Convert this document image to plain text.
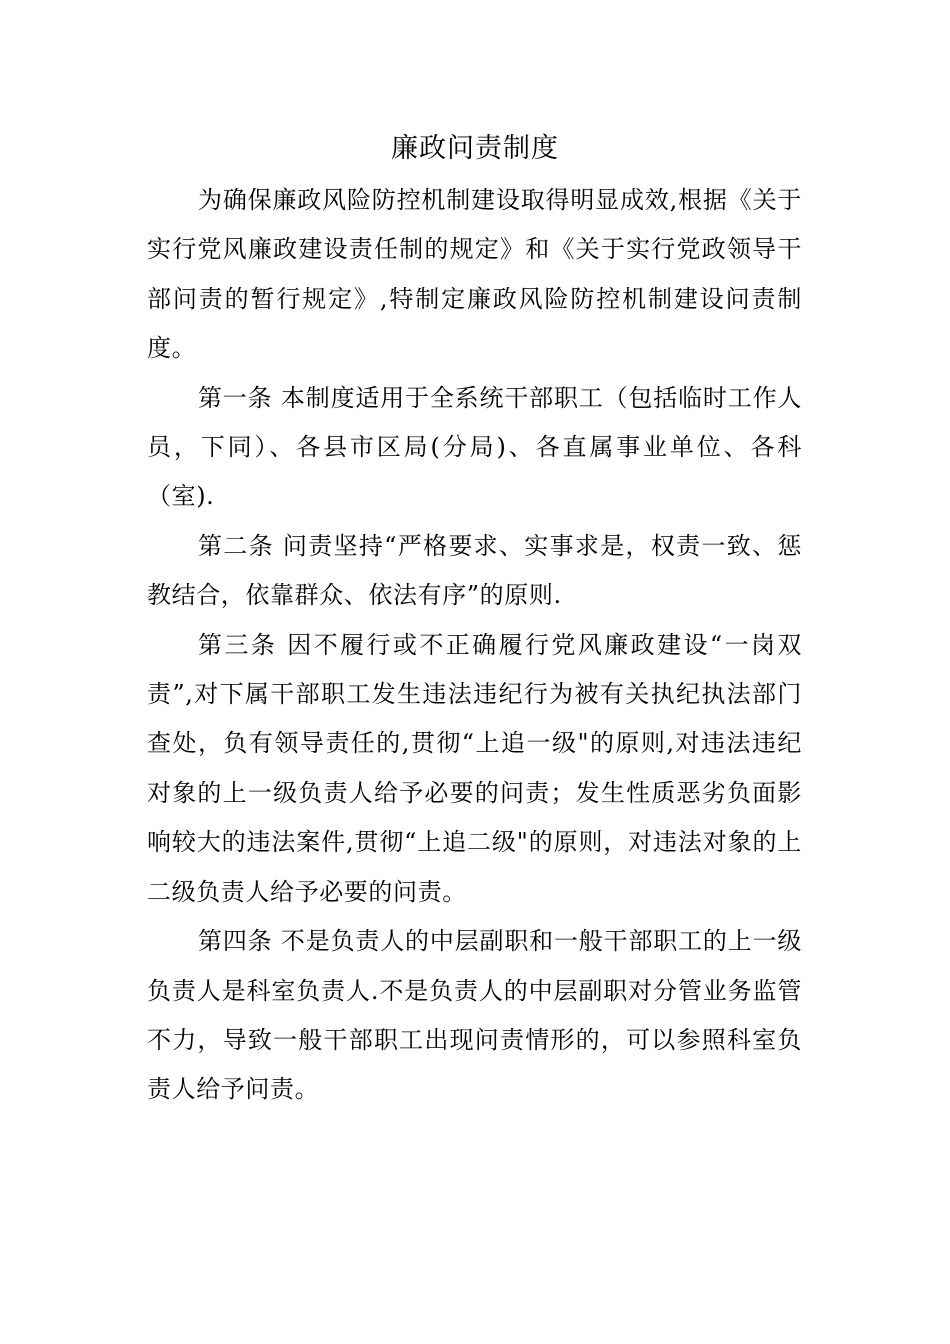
廉政问责制度

为确保廉政风险防控机制建设取得明显成效,根据《关于实行党风廉政建设责任制的规定》和《关于实行党政领导干部问责的暂行规定》,特制定廉政风险防控机制建设问责制度。

第一条 本制度适用于全系统干部职工（包括临时工作人员，下同）、各县市区局(分局)、各直属事业单位、各科（室).

第二条 问责坚持“严格要求、实事求是，权责一致、惩教结合，依靠群众、依法有序”的原则.

第三条 因不履行或不正确履行党风廉政建设“一岗双责”,对下属干部职工发生违法违纪行为被有关执纪执法部门查处，负有领导责任的,贯彻“上追一级"的原则,对违法违纪对象的上一级负责人给予必要的问责；发生性质恶劣负面影响较大的违法案件,贯彻“上追二级"的原则，对违法对象的上二级负责人给予必要的问责。

第四条 不是负责人的中层副职和一般干部职工的上一级负责人是科室负责人.不是负责人的中层副职对分管业务监管不力，导致一般干部职工出现问责情形的，可以参照科室负责人给予问责。
